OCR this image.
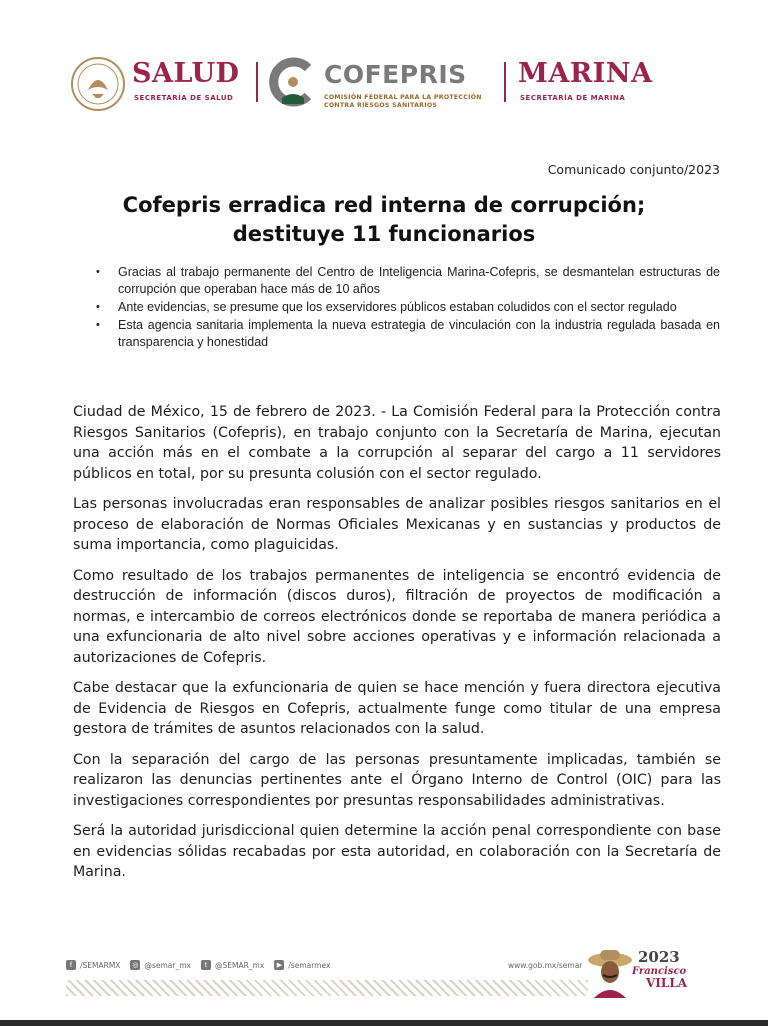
SALUD
SECRETARÍA DE SALUD
COFEPRIS
COMISIÓN FEDERAL PARA LA PROTECCIÓN
CONTRA RIESGOS SANITARIOS
MARINA
SECRETARÍA DE MARINA
Comunicado conjunto/2023
Cofepris erradica red interna de corrupción;
destituye 11 funcionarios
• Gracias al trabajo permanente del Centro de Inteligencia Marina-Cofepris, se desmantelan estructuras de corrupción que operaban hace más de 10 años
• Ante evidencias, se presume que los exservidores públicos estaban coludidos con el sector regulado
• Esta agencia sanitaria implementa la nueva estrategia de vinculación con la industria regulada basada en transparencia y honestidad

Ciudad de México, 15 de febrero de 2023. - La Comisión Federal para la Protección contra Riesgos Sanitarios (Cofepris), en trabajo conjunto con la Secretaría de Marina, ejecutan una acción más en el combate a la corrupción al separar del cargo a 11 servidores públicos en total, por su presunta colusión con el sector regulado.

Las personas involucradas eran responsables de analizar posibles riesgos sanitarios en el proceso de elaboración de Normas Oficiales Mexicanas y en sustancias y productos de suma importancia, como plaguicidas.

Como resultado de los trabajos permanentes de inteligencia se encontró evidencia de destrucción de información (discos duros), filtración de proyectos de modificación a normas, e intercambio de correos electrónicos donde se reportaba de manera periódica a una exfuncionaria de alto nivel sobre acciones operativas y e información relacionada a autorizaciones de Cofepris.

Cabe destacar que la exfuncionaria de quien se hace mención y fuera directora ejecutiva de Evidencia de Riesgos en Cofepris, actualmente funge como titular de una empresa gestora de trámites de asuntos relacionados con la salud.

Con la separación del cargo de las personas presuntamente implicadas, también se realizaron las denuncias pertinentes ante el Órgano Interno de Control (OIC) para las investigaciones correspondientes por presuntas responsabilidades administrativas.

Será la autoridad jurisdiccional quien determine la acción penal correspondiente con base en evidencias sólidas recabadas por esta autoridad, en colaboración con la Secretaría de Marina.

f	/SEMARMX ◎ @semar_mx	t	@SEMAR_mx	▶ /semarmex	www.gob.mx/semar	2023
Francisco
VILLA
